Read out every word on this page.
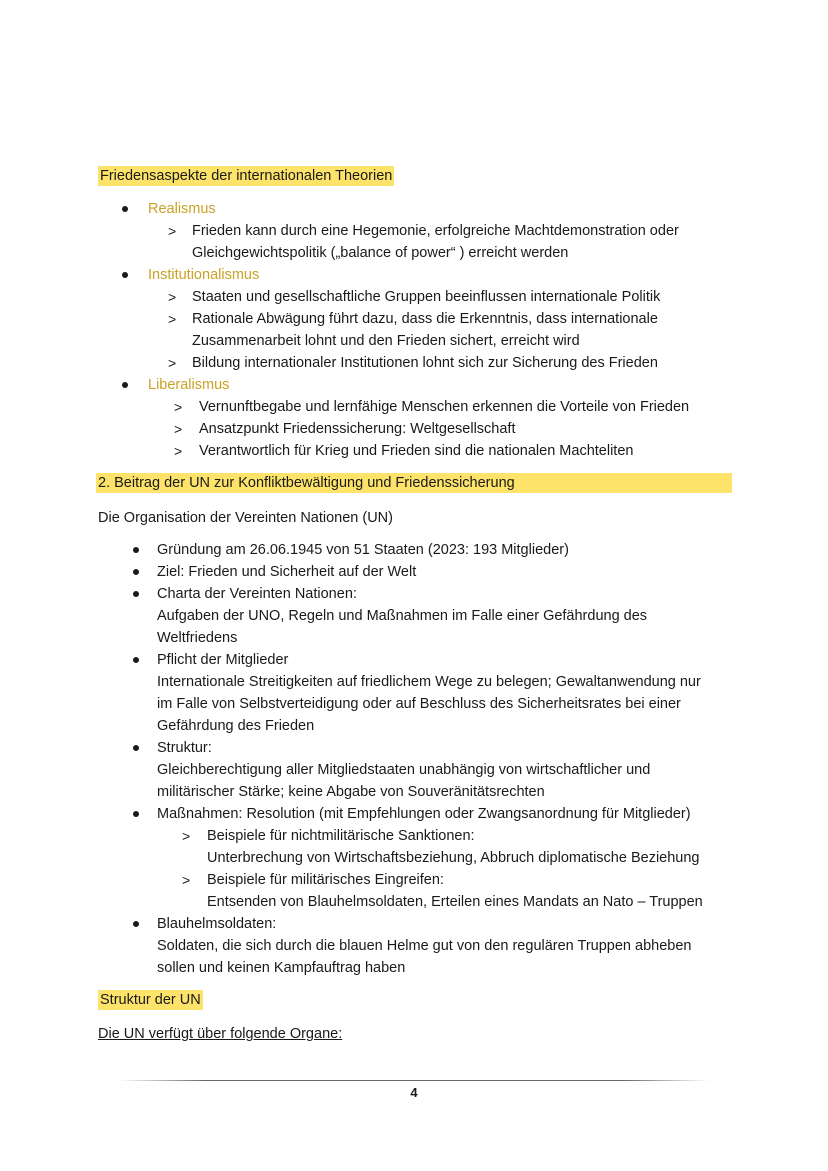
Friedensaspekte der internationalen Theorien
Realismus
> Frieden kann durch eine Hegemonie, erfolgreiche Machtdemonstration oder
Gleichgewichtspolitik („balance of power“ ) erreicht werden
Institutionalismus
> Staaten und gesellschaftliche Gruppen beeinflussen internationale Politik
> Rationale Abwägung führt dazu, dass die Erkenntnis, dass internationale
Zusammenarbeit lohnt und den Frieden sichert, erreicht wird
> Bildung internationaler Institutionen lohnt sich zur Sicherung des Frieden
Liberalismus
> Vernunftbegabe und lernfähige Menschen erkennen die Vorteile von Frieden
> Ansatzpunkt Friedenssicherung: Weltgesellschaft
> Verantwortlich für Krieg und Frieden sind die nationalen Machteliten
2. Beitrag der UN zur Konfliktbewältigung und Friedenssicherung
Die Organisation der Vereinten Nationen (UN)
Gründung am 26.06.1945 von 51 Staaten (2023: 193 Mitglieder)
Ziel: Frieden und Sicherheit auf der Welt
Charta der Vereinten Nationen:
Aufgaben der UNO, Regeln und Maßnahmen im Falle einer Gefährdung des
Weltfriedens
Pflicht der Mitglieder
Internationale Streitigkeiten auf friedlichem Wege zu belegen; Gewaltanwendung nur
im Falle von Selbstverteidigung oder auf Beschluss des Sicherheitsrates bei einer
Gefährdung des Frieden
Struktur:
Gleichberechtigung aller Mitgliedstaaten unabhängig von wirtschaftlicher und
militärischer Stärke; keine Abgabe von Souveränitätsrechten
Maßnahmen: Resolution (mit Empfehlungen oder Zwangsanordnung für Mitglieder)
> Beispiele für nichtmilitärische Sanktionen:
Unterbrechung von Wirtschaftsbeziehung, Abbruch diplomatische Beziehung
> Beispiele für militärisches Eingreifen:
Entsenden von Blauhelmsoldaten, Erteilen eines Mandats an Nato – Truppen
Blauhelmsoldaten:
Soldaten, die sich durch die blauen Helme gut von den regulären Truppen abheben
sollen und keinen Kampfauftrag haben
Struktur der UN
Die UN verfügt über folgende Organe:
4
